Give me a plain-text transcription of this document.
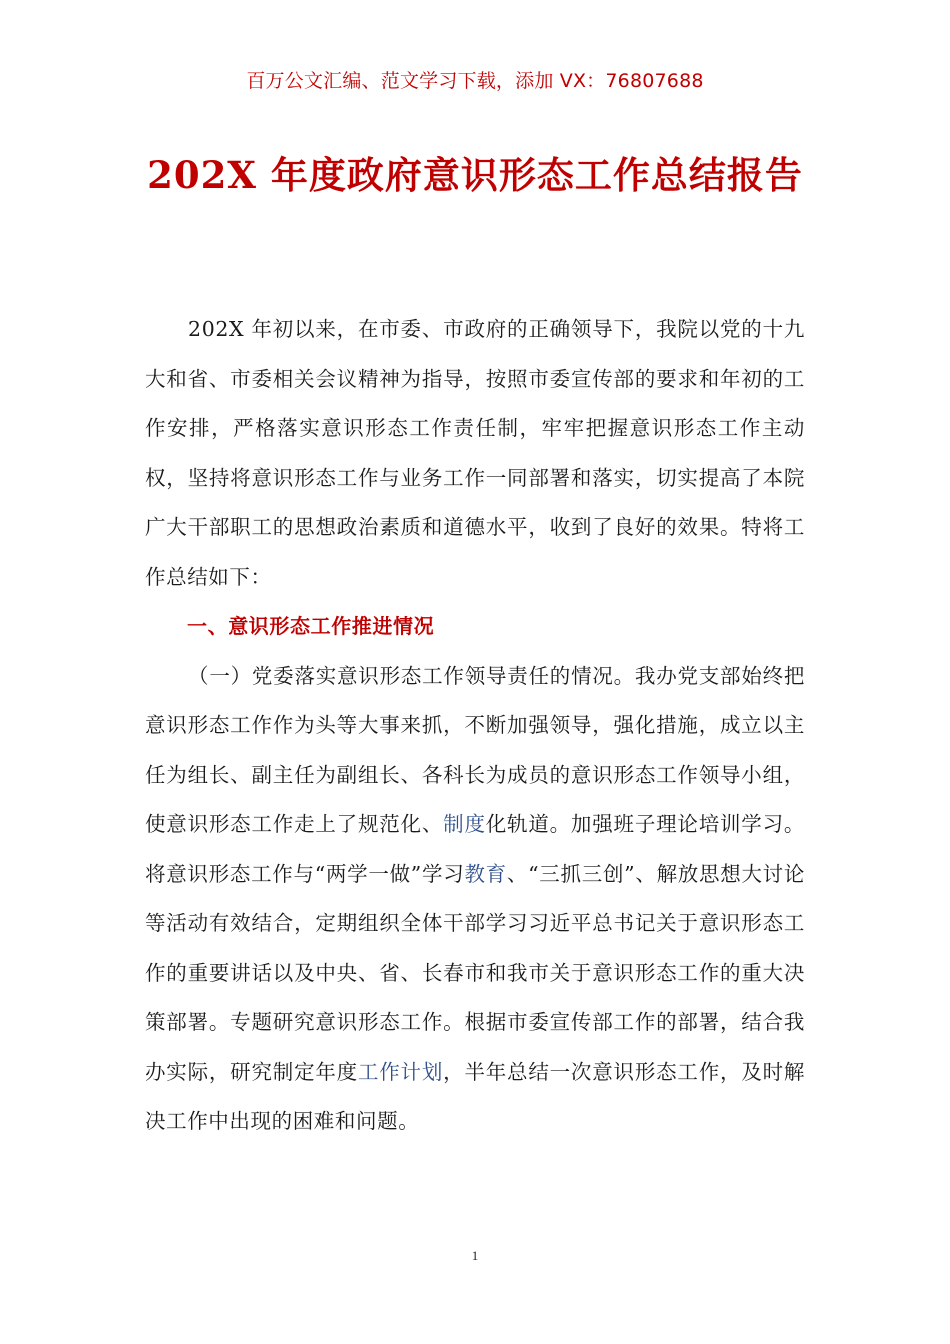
百万公文汇编、范文学习下载，添加 VX：76807688
202X 年度政府意识形态工作总结报告

202X 年初以来，在市委、市政府的正确领导下，我院以党的十九大和省、市委相关会议精神为指导，按照市委宣传部的要求和年初的工作安排，严格落实意识形态工作责任制，牢牢把握意识形态工作主动权，坚持将意识形态工作与业务工作一同部署和落实，切实提高了本院广大干部职工的思想政治素质和道德水平，收到了良好的效果。特将工作总结如下：

一、意识形态工作推进情况

（一）党委落实意识形态工作领导责任的情况。我办党支部始终把意识形态工作作为头等大事来抓，不断加强领导，强化措施，成立以主任为组长、副主任为副组长、各科长为成员的意识形态工作领导小组，使意识形态工作走上了规范化、制度化轨道。加强班子理论培训学习。将意识形态工作与“两学一做”学习教育、“三抓三创”、解放思想大讨论等活动有效结合，定期组织全体干部学习习近平总书记关于意识形态工作的重要讲话以及中央、省、长春市和我市关于意识形态工作的重大决策部署。专题研究意识形态工作。根据市委宣传部工作的部署，结合我办实际，研究制定年度工作计划，半年总结一次意识形态工作，及时解决工作中出现的困难和问题。

1
